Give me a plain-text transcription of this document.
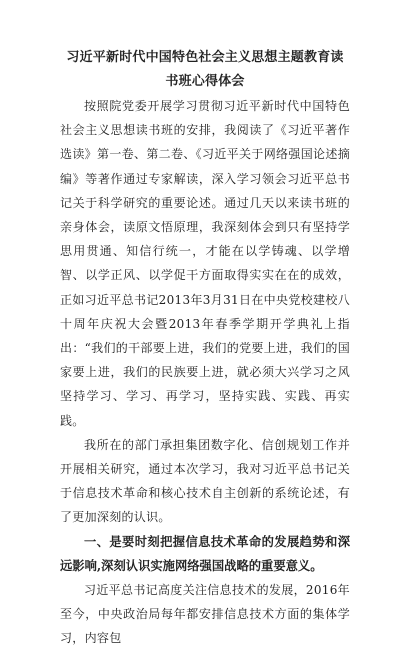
习近平新时代中国特色社会主义思想主题教育读书班心得体会

按照院党委开展学习贯彻习近平新时代中国特色社会主义思想读书班的安排，我阅读了《习近平著作选读》第一卷、第二卷、《习近平关于网络强国论述摘编》等著作通过专家解读，深入学习领会习近平总书记关于科学研究的重要论述。通过几天以来读书班的亲身体会，读原文悟原理，我深刻体会到只有坚持学思用贯通、知信行统一，才能在以学铸魂、以学增智、以学正风、以学促干方面取得实实在在的成效，正如习近平总书记2013年3月31日在中央党校建校八十周年庆祝大会暨2013年春季学期开学典礼上指出：“我们的干部要上进，我们的党要上进，我们的国家要上进，我们的民族要上进，就必须大兴学习之风坚持学习、学习、再学习，坚持实践、实践、再实践。

我所在的部门承担集团数字化、信创规划工作并开展相关研究，通过本次学习，我对习近平总书记关于信息技术革命和核心技术自主创新的系统论述，有了更加深刻的认识。

一、是要时刻把握信息技术革命的发展趋势和深远影响,深刻认识实施网络强国战略的重要意义。

习近平总书记高度关注信息技术的发展，2016年至今，中央政治局每年都安排信息技术方面的集体学习，内容包
